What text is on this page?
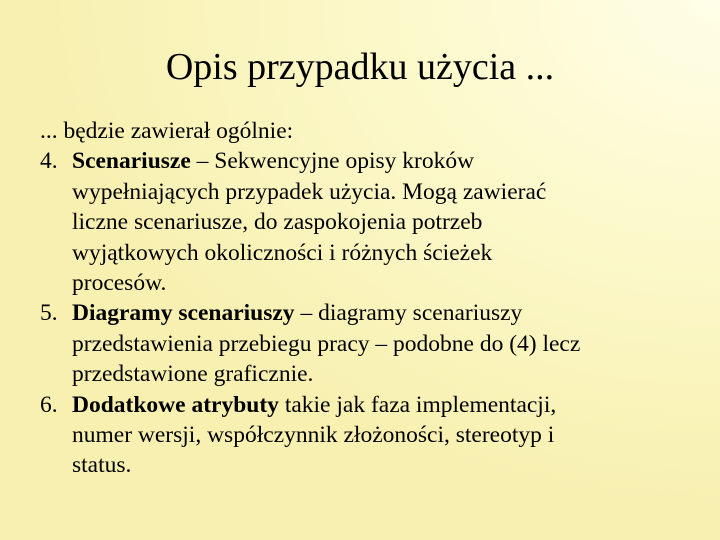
Opis przypadku użycia ...

... będzie zawierał ogólnie:

4. Scenariusze – Sekwencyjne opisy kroków
wypełniających przypadek użycia. Mogą zawierać
liczne scenariusze, do zaspokojenia potrzeb
wyjątkowych okoliczności i różnych ścieżek
procesów.
5. Diagramy scenariuszy – diagramy scenariuszy
przedstawienia przebiegu pracy – podobne do (4) lecz
przedstawione graficznie.
6. Dodatkowe atrybuty takie jak faza implementacji,
numer wersji, współczynnik złożoności, stereotyp i
status.
